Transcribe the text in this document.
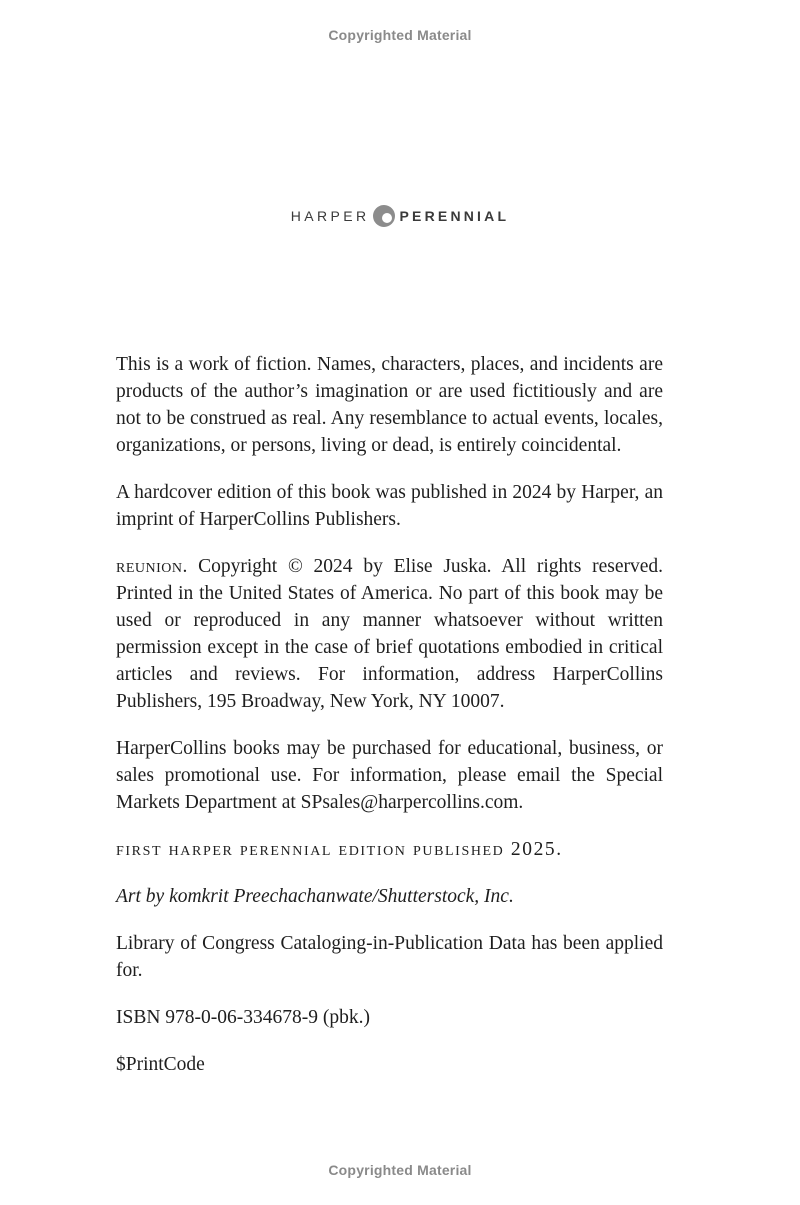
Copyrighted Material
HARPER PERENNIAL

This is a work of fiction. Names, characters, places, and incidents are products of the author’s imagination or are used fictitiously and are not to be construed as real. Any resemblance to actual events, locales, organizations, or persons, living or dead, is entirely coincidental.

A hardcover edition of this book was published in 2024 by Harper, an imprint of HarperCollins Publishers.

reunion. Copyright © 2024 by Elise Juska. All rights reserved. Printed in the United States of America. No part of this book may be used or reproduced in any manner whatsoever without written permission except in the case of brief quotations embodied in critical articles and reviews. For information, address HarperCollins Publishers, 195 Broadway, New York, NY 10007.

HarperCollins books may be purchased for educational, business, or sales promotional use. For information, please email the Special Markets Department at SPsales@harpercollins.com.

first harper perennial edition published 2025.

Art by komkrit Preechachanwate/Shutterstock, Inc.

Library of Congress Cataloging-in-Publication Data has been applied for.

ISBN 978-0-06-334678-9 (pbk.)

$PrintCode

Copyrighted Material
